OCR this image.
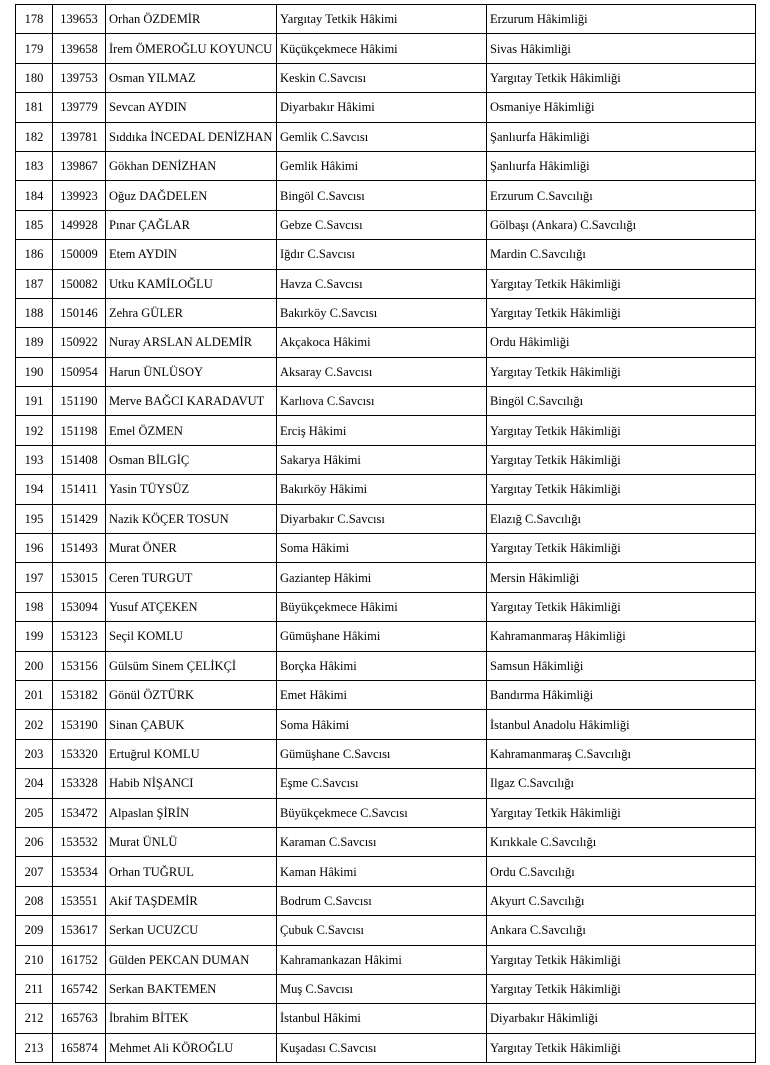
178	139653	Orhan ÖZDEMİR	Yargıtay Tetkik Hâkimi	Erzurum Hâkimliği
179	139658	İrem ÖMEROĞLU KOYUNCU	Küçükçekmece Hâkimi	Sivas Hâkimliği
180	139753	Osman YILMAZ	Keskin C.Savcısı	Yargıtay Tetkik Hâkimliği
181	139779	Sevcan AYDIN	Diyarbakır Hâkimi	Osmaniye Hâkimliği
182	139781	Sıddıka İNCEDAL DENİZHAN	Gemlik C.Savcısı	Şanlıurfa Hâkimliği
183	139867	Gökhan DENİZHAN	Gemlik Hâkimi	Şanlıurfa Hâkimliği
184	139923	Oğuz DAĞDELEN	Bingöl C.Savcısı	Erzurum C.Savcılığı
185	149928	Pınar ÇAĞLAR	Gebze C.Savcısı	Gölbaşı (Ankara) C.Savcılığı
186	150009	Etem AYDIN	Iğdır C.Savcısı	Mardin C.Savcılığı
187	150082	Utku KAMİLOĞLU	Havza C.Savcısı	Yargıtay Tetkik Hâkimliği
188	150146	Zehra GÜLER	Bakırköy C.Savcısı	Yargıtay Tetkik Hâkimliği
189	150922	Nuray ARSLAN ALDEMİR	Akçakoca Hâkimi	Ordu Hâkimliği
190	150954	Harun ÜNLÜSOY	Aksaray C.Savcısı	Yargıtay Tetkik Hâkimliği
191	151190	Merve BAĞCI KARADAVUT	Karlıova C.Savcısı	Bingöl C.Savcılığı
192	151198	Emel ÖZMEN	Erciş Hâkimi	Yargıtay Tetkik Hâkimliği
193	151408	Osman BİLGİÇ	Sakarya Hâkimi	Yargıtay Tetkik Hâkimliği
194	151411	Yasin TÜYSÜZ	Bakırköy Hâkimi	Yargıtay Tetkik Hâkimliği
195	151429	Nazik KÖÇER TOSUN	Diyarbakır C.Savcısı	Elazığ C.Savcılığı
196	151493	Murat ÖNER	Soma Hâkimi	Yargıtay Tetkik Hâkimliği
197	153015	Ceren TURGUT	Gaziantep Hâkimi	Mersin Hâkimliği
198	153094	Yusuf ATÇEKEN	Büyükçekmece Hâkimi	Yargıtay Tetkik Hâkimliği
199	153123	Seçil KOMLU	Gümüşhane Hâkimi	Kahramanmaraş Hâkimliği
200	153156	Gülsüm Sinem ÇELİKÇİ	Borçka Hâkimi	Samsun Hâkimliği
201	153182	Gönül ÖZTÜRK	Emet Hâkimi	Bandırma Hâkimliği
202	153190	Sinan ÇABUK	Soma Hâkimi	İstanbul Anadolu Hâkimliği
203	153320	Ertuğrul KOMLU	Gümüşhane C.Savcısı	Kahramanmaraş C.Savcılığı
204	153328	Habib NİŞANCI	Eşme C.Savcısı	Ilgaz C.Savcılığı
205	153472	Alpaslan ŞİRİN	Büyükçekmece C.Savcısı	Yargıtay Tetkik Hâkimliği
206	153532	Murat ÜNLÜ	Karaman C.Savcısı	Kırıkkale C.Savcılığı
207	153534	Orhan TUĞRUL	Kaman Hâkimi	Ordu C.Savcılığı
208	153551	Akif TAŞDEMİR	Bodrum C.Savcısı	Akyurt C.Savcılığı
209	153617	Serkan UCUZCU	Çubuk C.Savcısı	Ankara C.Savcılığı
210	161752	Gülden PEKCAN DUMAN	Kahramankazan Hâkimi	Yargıtay Tetkik Hâkimliği
211	165742	Serkan BAKTEMEN	Muş C.Savcısı	Yargıtay Tetkik Hâkimliği
212	165763	İbrahim BİTEK	İstanbul Hâkimi	Diyarbakır Hâkimliği
213	165874	Mehmet Ali KÖROĞLU	Kuşadası C.Savcısı	Yargıtay Tetkik Hâkimliği
